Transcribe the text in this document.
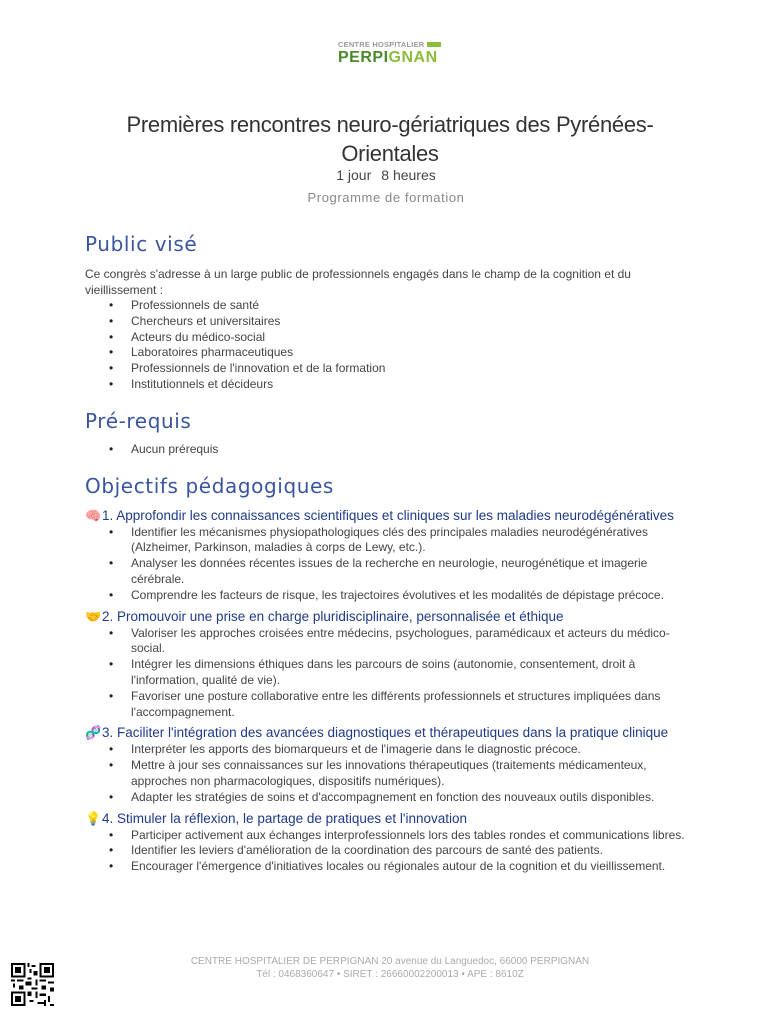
CENTRE HOSPITALIER
PERPIGNAN
Premières rencontres neuro-gériatriques des Pyrénées-Orientales
1 jour 8 heures
Programme de formation
Public visé

Ce congrès s'adresse à un large public de professionnels engagés dans le champ de la cognition et du vieillissement :

• Professionnels de santé
• Chercheurs et universitaires
• Acteurs du médico-social
• Laboratoires pharmaceutiques
• Professionnels de l'innovation et de la formation
• Institutionnels et décideurs
Pré-requis
• Aucun prérequis
Objectifs pédagogiques
🧠1. Approfondir les connaissances scientifiques et cliniques sur les maladies neurodégénératives
• Identifier les mécanismes physiopathologiques clés des principales maladies neurodégénératives (Alzheimer, Parkinson, maladies à corps de Lewy, etc.).
• Analyser les données récentes issues de la recherche en neurologie, neurogénétique et imagerie cérébrale.
• Comprendre les facteurs de risque, les trajectoires évolutives et les modalités de dépistage précoce.
🤝2. Promouvoir une prise en charge pluridisciplinaire, personnalisée et éthique
• Valoriser les approches croisées entre médecins, psychologues, paramédicaux et acteurs du médico-social.
• Intégrer les dimensions éthiques dans les parcours de soins (autonomie, consentement, droit à l'information, qualité de vie).
• Favoriser une posture collaborative entre les différents professionnels et structures impliquées dans l'accompagnement.
🧬3. Faciliter l'intégration des avancées diagnostiques et thérapeutiques dans la pratique clinique
• Interpréter les apports des biomarqueurs et de l'imagerie dans le diagnostic précoce.
• Mettre à jour ses connaissances sur les innovations thérapeutiques (traitements médicamenteux, approches non pharmacologiques, dispositifs numériques).
• Adapter les stratégies de soins et d'accompagnement en fonction des nouveaux outils disponibles.
💡4. Stimuler la réflexion, le partage de pratiques et l'innovation
• Participer activement aux échanges interprofessionnels lors des tables rondes et communications libres.
• Identifier les leviers d'amélioration de la coordination des parcours de santé des patients.
• Encourager l'émergence d'initiatives locales ou régionales autour de la cognition et du vieillissement.
CENTRE HOSPITALIER DE PERPIGNAN 20 avenue du Languedoc, 66000 PERPIGNAN
Tél : 0468360647 • SIRET : 26660002200013 • APE : 8610Z
